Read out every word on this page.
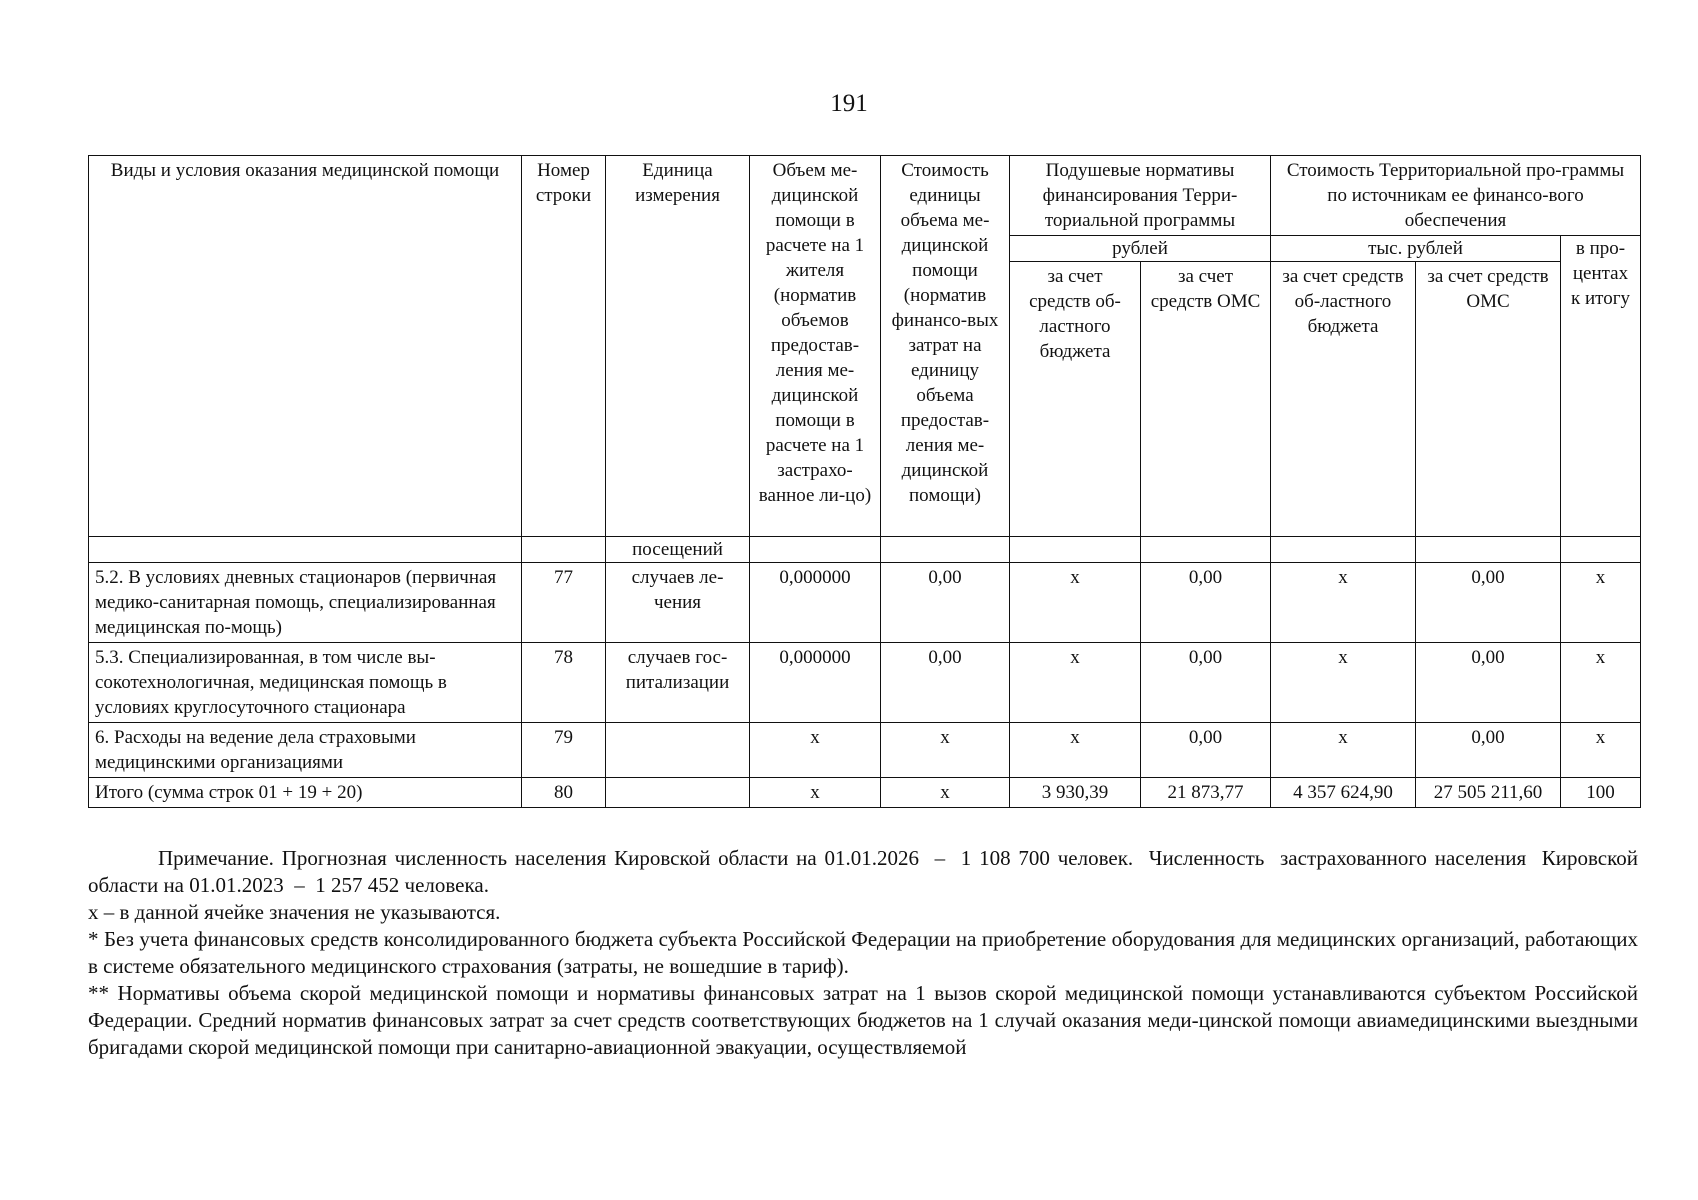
191
Виды и условия оказания медицинской помощи	Номер строки	Единица измерения	Объем ме-дицинской помощи в расчете на 1 жителя (норматив объемов предостав-ления ме-дицинской помощи в расчете на 1 застрахо-ванное ли-цо)	Стоимость единицы объема ме-дицинской помощи (норматив финансо-вых затрат на единицу объема предостав-ления ме-дицинской помощи)	Подушевые нормативы финансирования Терри-ториальной программы		Стоимость Территориальной про-граммы по источникам ее финансо-вого обеспечения		
					рублей		тыс. рублей		в про-центах к итогу
					за счет средств об-ластного бюджета	за счет средств ОМС	за счет средств об-ластного бюджета	за счет средств ОМС	
		посещений							
5.2. В условиях дневных стационаров (первичная медико-санитарная помощь, специализированная медицинская по-мощь)	77	случаев ле-чения	0,000000	0,00	x	0,00	x	0,00	x
5.3. Специализированная, в том числе вы-сокотехнологичная, медицинская помощь в условиях круглосуточного стационара	78	случаев гос-питализации	0,000000	0,00	x	0,00	x	0,00	x
6. Расходы на ведение дела страховыми медицинскими организациями	79		x	x	x	0,00	x	0,00	x
Итого (сумма строк 01 + 19 + 20)	80		x	x	3 930,39	21 873,77	4 357 624,90	27 505 211,60	100

Примечание. Прогнозная численность населения Кировской области на 01.01.2026  –  1 108 700 человек.  Численность  застрахованного населения  Кировской  области на 01.01.2023  –  1 257 452 человека.

x – в данной ячейке значения не указываются.

* Без учета финансовых средств консолидированного бюджета субъекта Российской Федерации на приобретение оборудования для медицинских организаций, работающих в системе обязательного медицинского страхования (затраты, не вошедшие в тариф).

** Нормативы объема скорой медицинской помощи и нормативы финансовых затрат на 1 вызов скорой медицинской помощи устанавливаются субъектом Российской Федерации. Средний норматив финансовых затрат за счет средств соответствующих бюджетов на 1 случай оказания меди-цинской помощи авиамедицинскими выездными бригадами скорой медицинской помощи при санитарно-авиационной эвакуации, осуществляемой
